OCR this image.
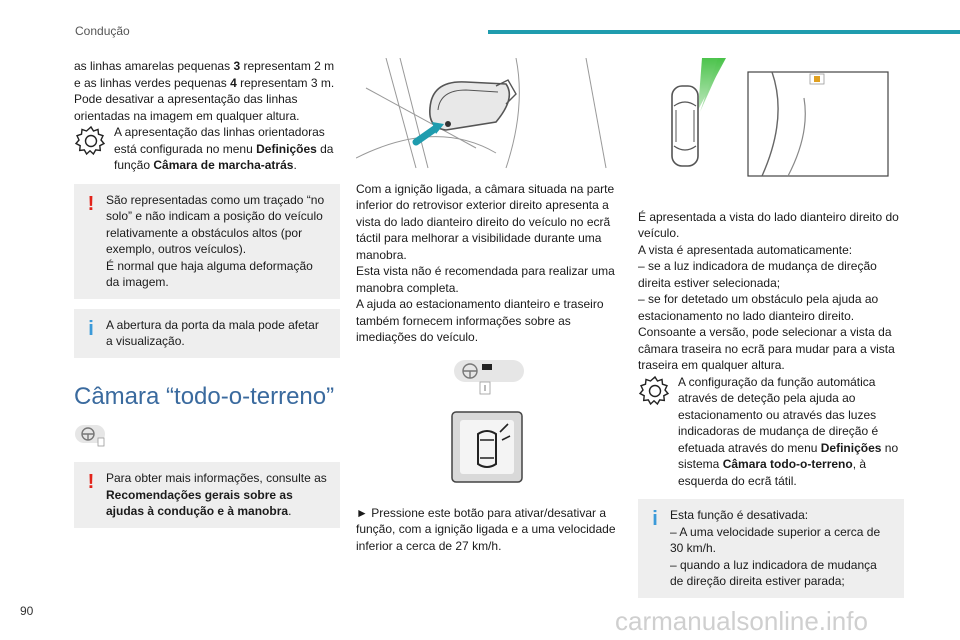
Condução

as linhas amarelas pequenas 3 representam 2 m e as linhas verdes pequenas 4 representam 3 m. Pode desativar a apresentação das linhas orientadas na imagem em qualquer altura.

A apresentação das linhas orientadoras está configurada no menu Definições da função Câmara de marcha-atrás.

! São representadas como um traçado “no solo” e não indicam a posição do veículo relativamente a obstáculos altos (por exemplo, outros veículos).

É normal que haja alguma deformação da imagem.

i	A abertura da porta da mala pode afetar a visualização.

Câmara “todo-o-terreno”
! Para obter mais informações, consulte as Recomendações gerais sobre as ajudas à condução e à manobra.

Com a ignição ligada, a câmara situada na parte inferior do retrovisor exterior direito apresenta a vista do lado dianteiro direito do veículo no ecrã táctil para melhorar a visibilidade durante uma manobra.

Esta vista não é recomendada para realizar uma manobra completa.

A ajuda ao estacionamento dianteiro e traseiro também fornecem informações sobre as imediações do veículo.

► Pressione este botão para ativar/desativar a função, com a ignição ligada e a uma velocidade inferior a cerca de 27 km/h.

É apresentada a vista do lado dianteiro direito do veículo.

A vista é apresentada automaticamente:

– se a luz indicadora de mudança de direção direita estiver selecionada;

– se for detetado um obstáculo pela ajuda ao estacionamento no lado dianteiro direito.

Consoante a versão, pode selecionar a vista da câmara traseira no ecrã para mudar para a vista traseira em qualquer altura.

A configuração da função automática através de deteção pela ajuda ao estacionamento ou através das luzes indicadoras de mudança de direção é efetuada através do menu Definições no sistema Câmara todo-o-terreno, à esquerda do ecrã tátil.

i	Esta função é desativada:

– A uma velocidade superior a cerca de 30 km/h.

– quando a luz indicadora de mudança de direção direita estiver parada;

90	carmanualsonline.info
